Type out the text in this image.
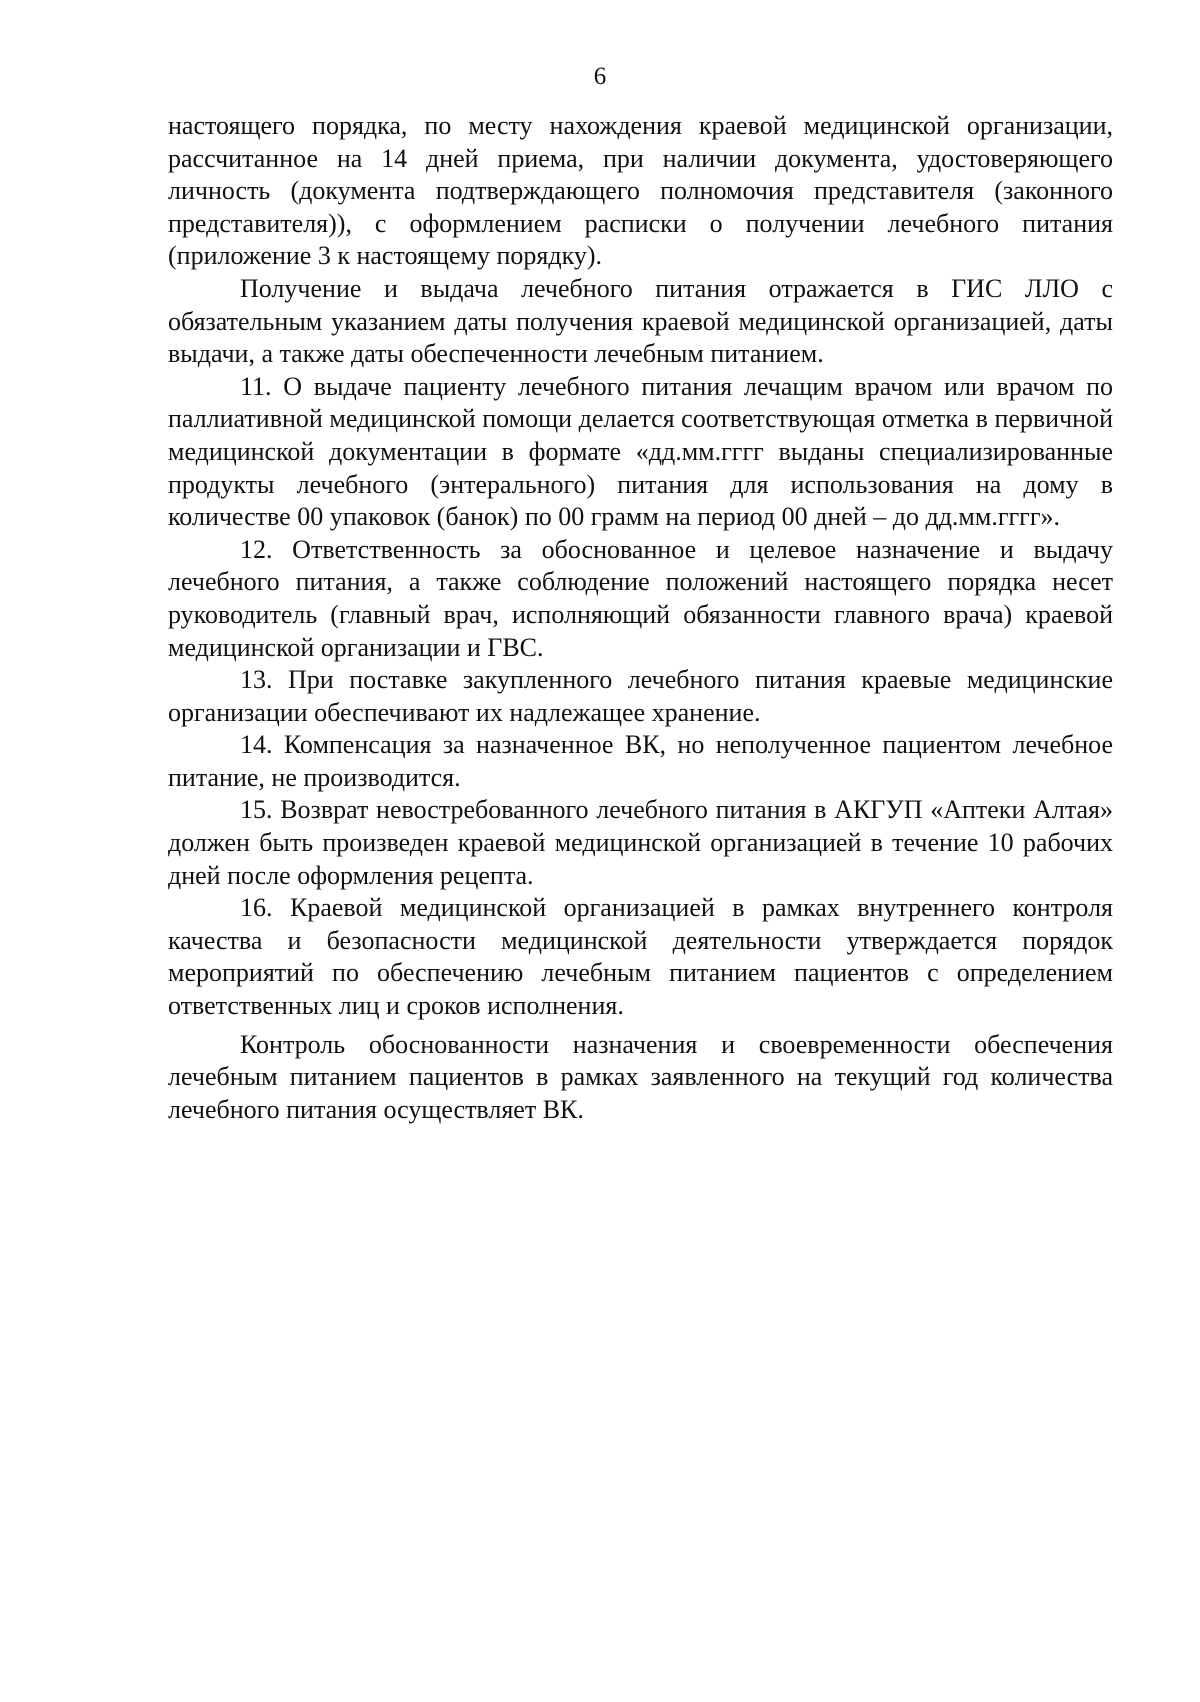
6

настоящего порядка, по месту нахождения краевой медицинской организации, рассчитанное на 14 дней приема, при наличии документа, удостоверяющего личность (документа подтверждающего полномочия представителя (законного представителя)), с оформлением расписки о получении лечебного питания (приложение 3 к настоящему порядку).

Получение и выдача лечебного питания отражается в ГИС ЛЛО с обязательным указанием даты получения краевой медицинской организацией, даты выдачи, а также даты обеспеченности лечебным питанием.

11. О выдаче пациенту лечебного питания лечащим врачом или врачом по паллиативной медицинской помощи делается соответствующая отметка в первичной медицинской документации в формате «дд.мм.гггг выданы специализированные продукты лечебного (энтерального) питания для использования на дому в количестве 00 упаковок (банок) по 00 грамм на период 00 дней – до дд.мм.гггг».

12. Ответственность за обоснованное и целевое назначение и выдачу лечебного питания, а также соблюдение положений настоящего порядка несет руководитель (главный врач, исполняющий обязанности главного врача) краевой медицинской организации и ГВС.

13. При поставке закупленного лечебного питания краевые медицинские организации обеспечивают их надлежащее хранение.

14. Компенсация за назначенное ВК, но неполученное пациентом лечебное питание, не производится.

15. Возврат невостребованного лечебного питания в АКГУП «Аптеки Алтая» должен быть произведен краевой медицинской организацией в течение 10 рабочих дней после оформления рецепта.

16. Краевой медицинской организацией в рамках внутреннего контроля качества и безопасности медицинской деятельности утверждается порядок мероприятий по обеспечению лечебным питанием пациентов с определением ответственных лиц и сроков исполнения.

Контроль обоснованности назначения и своевременности обеспечения лечебным питанием пациентов в рамках заявленного на текущий год количества лечебного питания осуществляет ВК.
